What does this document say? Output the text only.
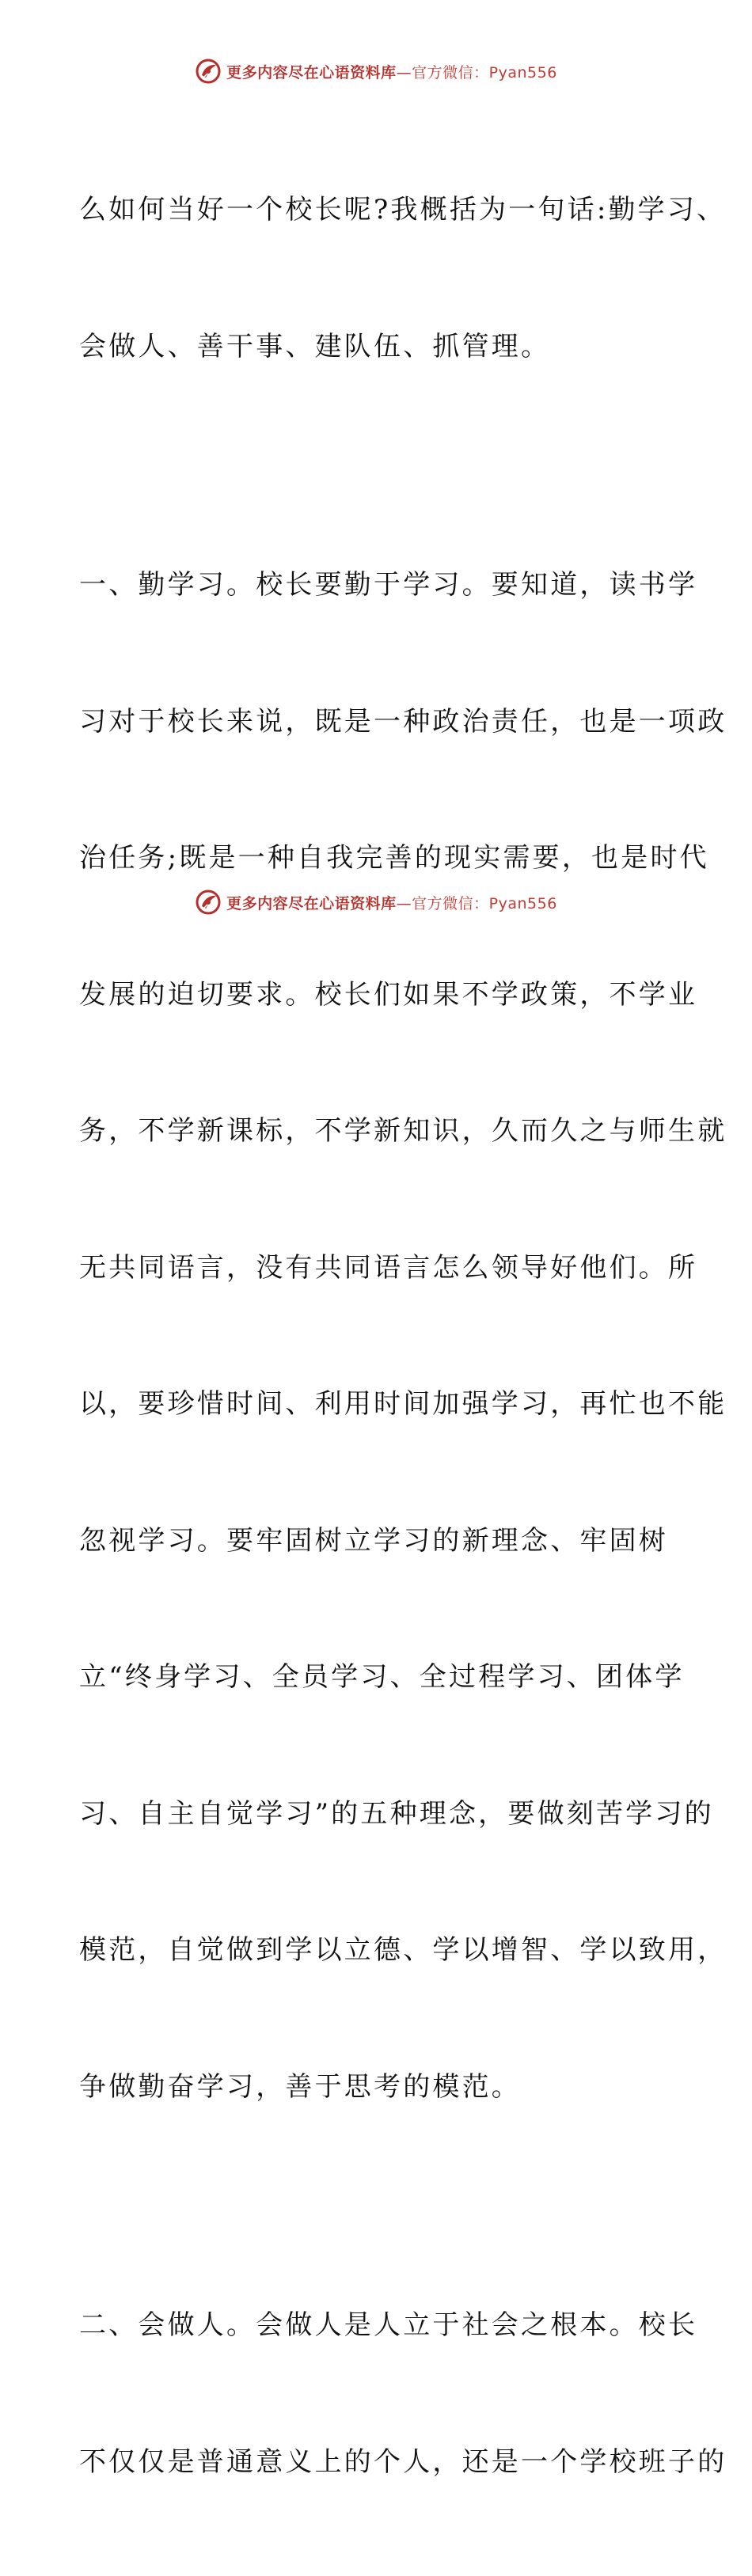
更多内容尽在心语资料库—官方微信：Pyan556

么如何当好一个校长呢?我概括为一句话:勤学习、

会做人、善干事、建队伍、抓管理。

一、勤学习。校长要勤于学习。要知道，读书学

习对于校长来说，既是一种政治责任，也是一项政

治任务;既是一种自我完善的现实需要，也是时代

发展的迫切要求。校长们如果不学政策，不学业

务，不学新课标，不学新知识，久而久之与师生就

无共同语言，没有共同语言怎么领导好他们。所

以，要珍惜时间、利用时间加强学习，再忙也不能

忽视学习。要牢固树立学习的新理念、牢固树

立“终身学习、全员学习、全过程学习、团体学

习、自主自觉学习”的五种理念，要做刻苦学习的

模范，自觉做到学以立德、学以增智、学以致用，

争做勤奋学习，善于思考的模范。

二、会做人。会做人是人立于社会之根本。校长

不仅仅是普通意义上的个人，还是一个学校班子的

更多内容尽在心语资料库—官方微信：Pyan556
